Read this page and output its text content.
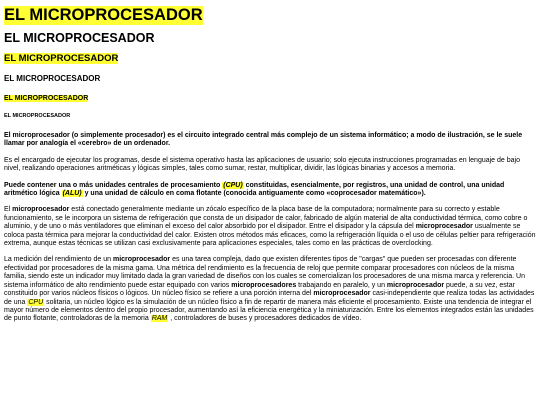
EL MICROPROCESADOR
EL MICROPROCESADOR
EL MICROPROCESADOR
EL MICROPROCESADOR
EL MICROPROCESADOR
EL MICROPROCESADOR

El microprocesador (o simplemente procesador) es el circuito integrado central más complejo de un sistema informático; a modo de ilustración, se le suele llamar por analogía el «cerebro» de un ordenador.

Es el encargado de ejecutar los programas, desde el sistema operativo hasta las aplicaciones de usuario; solo ejecuta instrucciones programadas en lenguaje de bajo nivel, realizando operaciones aritméticas y lógicas simples, tales como sumar, restar, multiplicar, dividir, las lógicas binarias y accesos a memoria.

Puede contener una o más unidades centrales de procesamiento (CPU) constituidas, esencialmente, por registros, una unidad de control, una unidad aritmético lógica (ALU) y una unidad de cálculo en coma flotante (conocida antiguamente como «coprocesador matemático»).

El microprocesador está conectado generalmente mediante un zócalo específico de la placa base de la computadora; normalmente para su correcto y estable funcionamiento, se le incorpora un sistema de refrigeración que consta de un disipador de calor, fabricado de algún material de alta conductividad térmica, como cobre o aluminio, y de uno o más ventiladores que eliminan el exceso del calor absorbido por el disipador. Entre el disipador y la cápsula del microprocesador usualmente se coloca pasta térmica para mejorar la conductividad del calor. Existen otros métodos más eficaces, como la refrigeración líquida o el uso de células peltier para refrigeración extrema, aunque estas técnicas se utilizan casi exclusivamente para aplicaciones especiales, tales como en las prácticas de overclocking.

La medición del rendimiento de un microprocesador es una tarea compleja, dado que existen diferentes tipos de "cargas" que pueden ser procesadas con diferente efectividad por procesadores de la misma gama. Una métrica del rendimiento es la frecuencia de reloj que permite comparar procesadores con núcleos de la misma familia, siendo este un indicador muy limitado dada la gran variedad de diseños con los cuales se comercializan los procesadores de una misma marca y referencia. Un sistema informático de alto rendimiento puede estar equipado con varios microprocesadores trabajando en paralelo, y un microprocesador puede, a su vez, estar constituido por varios núcleos físicos o lógicos. Un núcleo físico se refiere a una porción interna del microprocesador casi-independiente que realiza todas las actividades de una CPU solitaria, un núcleo lógico es la simulación de un núcleo físico a fin de repartir de manera más eficiente el procesamiento. Existe una tendencia de integrar el mayor número de elementos dentro del propio procesador, aumentando así la eficiencia energética y la miniaturización. Entre los elementos integrados están las unidades de punto flotante, controladoras de la memoria RAM , controladores de buses y procesadores dedicados de vídeo.
